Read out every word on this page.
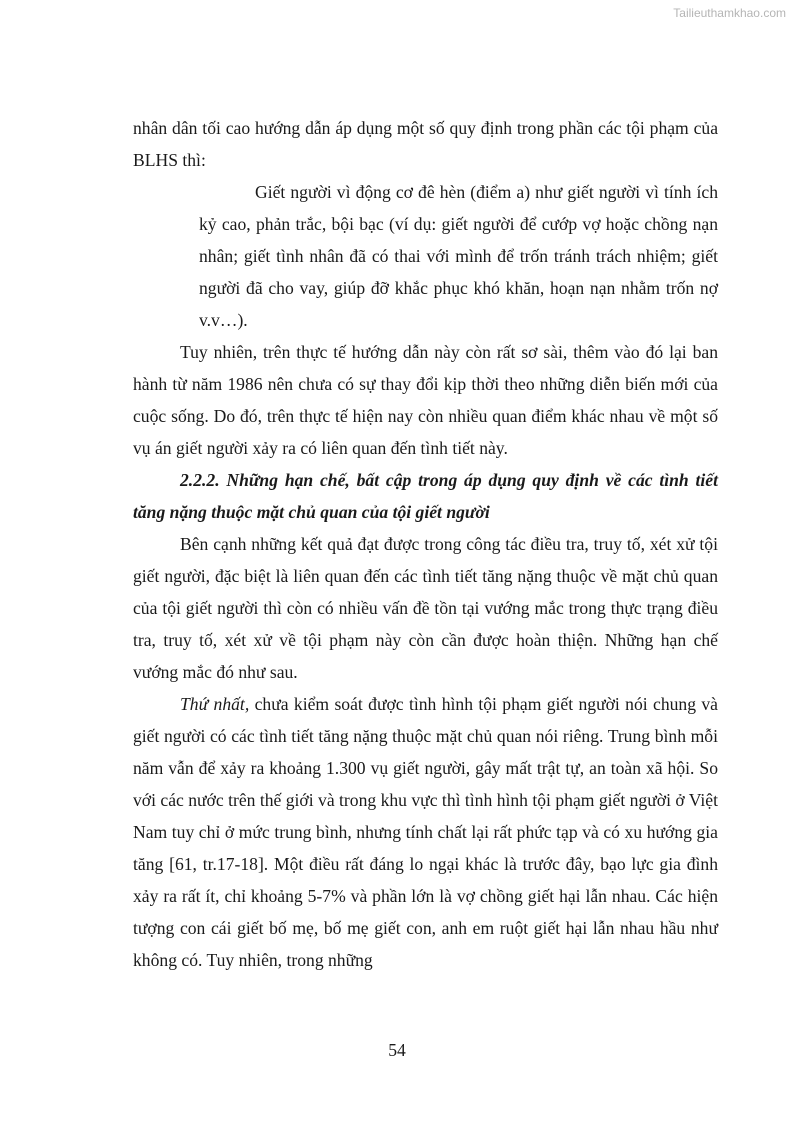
Tailieuthamkhao.com

nhân dân tối cao hướng dẫn áp dụng một số quy định trong phần các tội phạm của BLHS thì:

Giết người vì động cơ đê hèn (điểm a) như giết người vì tính ích kỷ cao, phản trắc, bội bạc (ví dụ: giết người để cướp vợ hoặc chồng nạn nhân; giết tình nhân đã có thai với mình để trốn tránh trách nhiệm; giết người đã cho vay, giúp đỡ khắc phục khó khăn, hoạn nạn nhằm trốn nợ v.v…).

Tuy nhiên, trên thực tế hướng dẫn này còn rất sơ sài, thêm vào đó lại ban hành từ năm 1986 nên chưa có sự thay đổi kịp thời theo những diễn biến mới của cuộc sống. Do đó, trên thực tế hiện nay còn nhiều quan điểm khác nhau về một số vụ án giết người xảy ra có liên quan đến tình tiết này.

2.2.2. Những hạn chế, bất cập trong áp dụng quy định về các tình tiết tăng nặng thuộc mặt chủ quan của tội giết người

Bên cạnh những kết quả đạt được trong công tác điều tra, truy tố, xét xử tội giết người, đặc biệt là liên quan đến các tình tiết tăng nặng thuộc về mặt chủ quan của tội giết người thì còn có nhiều vấn đề tồn tại vướng mắc trong thực trạng điều tra, truy tố, xét xử về tội phạm này còn cần được hoàn thiện. Những hạn chế vướng mắc đó như sau.

Thứ nhất, chưa kiểm soát được tình hình tội phạm giết người nói chung và giết người có các tình tiết tăng nặng thuộc mặt chủ quan nói riêng. Trung bình mỗi năm vẫn để xảy ra khoảng 1.300 vụ giết người, gây mất trật tự, an toàn xã hội. So với các nước trên thế giới và trong khu vực thì tình hình tội phạm giết người ở Việt Nam tuy chỉ ở mức trung bình, nhưng tính chất lại rất phức tạp và có xu hướng gia tăng [61, tr.17-18]. Một điều rất đáng lo ngại khác là trước đây, bạo lực gia đình xảy ra rất ít, chỉ khoảng 5-7% và phần lớn là vợ chồng giết hại lẫn nhau. Các hiện tượng con cái giết bố mẹ, bố mẹ giết con, anh em ruột giết hại lẫn nhau hầu như không có. Tuy nhiên, trong những

54
